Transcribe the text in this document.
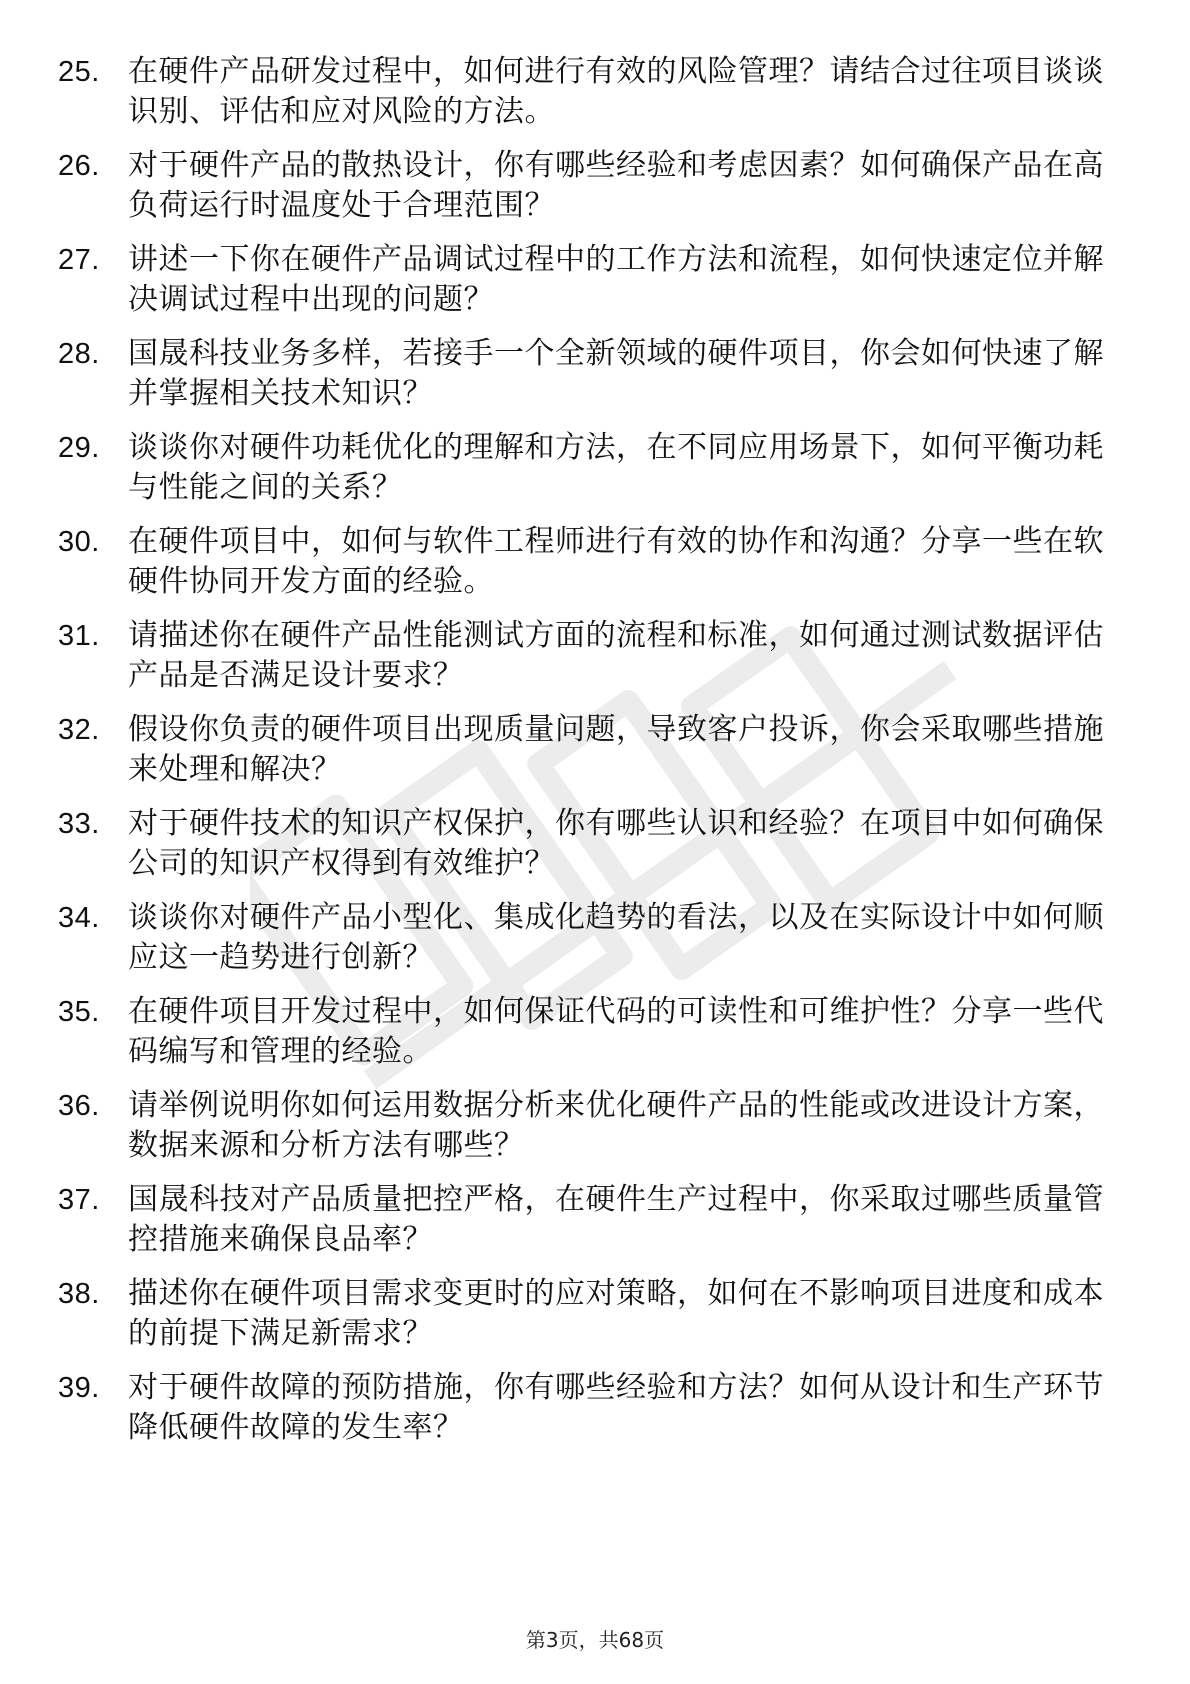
25. 在硬件产品研发过程中，如何进行有效的风险管理？请结合过往项目谈谈识别、评估和应对风险的方法。
26. 对于硬件产品的散热设计，你有哪些经验和考虑因素？如何确保产品在高负荷运行时温度处于合理范围？
27. 讲述一下你在硬件产品调试过程中的工作方法和流程，如何快速定位并解决调试过程中出现的问题？
28. 国晟科技业务多样，若接手一个全新领域的硬件项目，你会如何快速了解并掌握相关技术知识？
29. 谈谈你对硬件功耗优化的理解和方法，在不同应用场景下，如何平衡功耗与性能之间的关系？
30. 在硬件项目中，如何与软件工程师进行有效的协作和沟通？分享一些在软硬件协同开发方面的经验。
31. 请描述你在硬件产品性能测试方面的流程和标准，如何通过测试数据评估产品是否满足设计要求？
32. 假设你负责的硬件项目出现质量问题，导致客户投诉，你会采取哪些措施来处理和解决？
33. 对于硬件技术的知识产权保护，你有哪些认识和经验？在项目中如何确保公司的知识产权得到有效维护？
34. 谈谈你对硬件产品小型化、集成化趋势的看法，以及在实际设计中如何顺应这一趋势进行创新？
35. 在硬件项目开发过程中，如何保证代码的可读性和可维护性？分享一些代码编写和管理的经验。
36. 请举例说明你如何运用数据分析来优化硬件产品的性能或改进设计方案，数据来源和分析方法有哪些？
37. 国晟科技对产品质量把控严格，在硬件生产过程中，你采取过哪些质量管控措施来确保良品率？
38. 描述你在硬件项目需求变更时的应对策略，如何在不影响项目进度和成本的前提下满足新需求？
39. 对于硬件故障的预防措施，你有哪些经验和方法？如何从设计和生产环节降低硬件故障的发生率？
第3页，共68页
